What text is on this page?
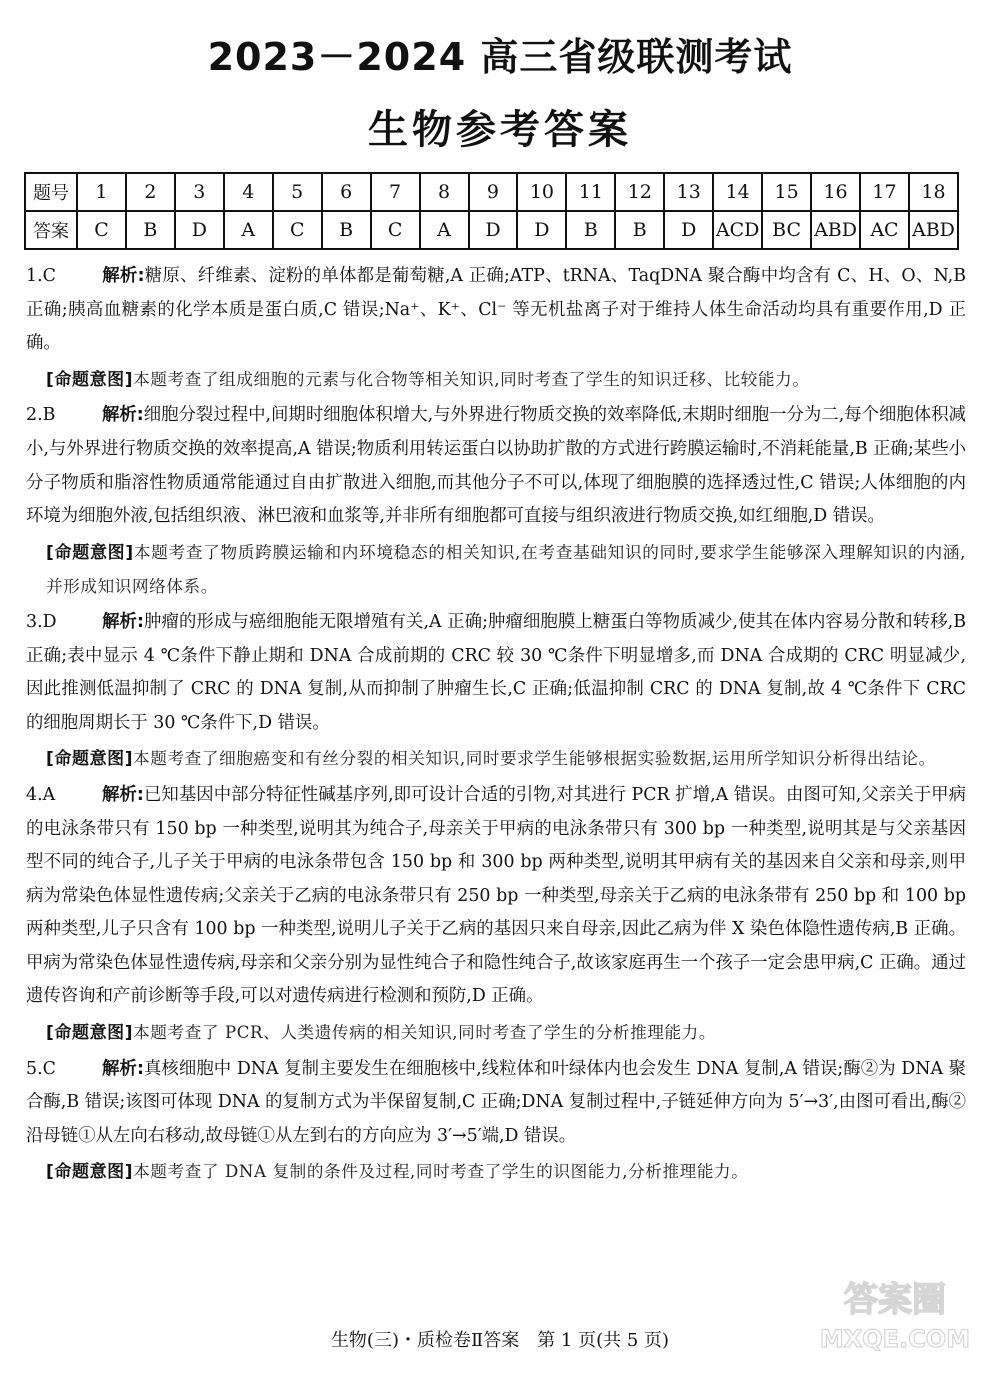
2023－2024 高三省级联测考试
生物参考答案
题号	1	2	3	4	5	6	7	8	9	10	11	12	13	14	15	16	17	18
答案	C	B	D	A	C	B	C	A	D	D	B	B	D	ACD	BC	ABD	AC	ABD

1.C	解析:糖原、纤维素、淀粉的单体都是葡萄糖,A 正确;ATP、tRNA、TaqDNA 聚合酶中均含有 C、H、O、N,B 正确;胰高血糖素的化学本质是蛋白质,C 错误;Na⁺、K⁺、Cl⁻ 等无机盐离子对于维持人体生命活动均具有重要作用,D 正确。

[命题意图]本题考查了组成细胞的元素与化合物等相关知识,同时考查了学生的知识迁移、比较能力。

2.B	解析:细胞分裂过程中,间期时细胞体积增大,与外界进行物质交换的效率降低,末期时细胞一分为二,每个细胞体积减小,与外界进行物质交换的效率提高,A 错误;物质利用转运蛋白以协助扩散的方式进行跨膜运输时,不消耗能量,B 正确;某些小分子物质和脂溶性物质通常能通过自由扩散进入细胞,而其他分子不可以,体现了细胞膜的选择透过性,C 错误;人体细胞的内环境为细胞外液,包括组织液、淋巴液和血浆等,并非所有细胞都可直接与组织液进行物质交换,如红细胞,D 错误。

[命题意图]本题考查了物质跨膜运输和内环境稳态的相关知识,在考查基础知识的同时,要求学生能够深入理解知识的内涵,并形成知识网络体系。

3.D	解析:肿瘤的形成与癌细胞能无限增殖有关,A 正确;肿瘤细胞膜上糖蛋白等物质减少,使其在体内容易分散和转移,B 正确;表中显示 4 ℃条件下静止期和 DNA 合成前期的 CRC 较 30 ℃条件下明显增多,而 DNA 合成期的 CRC 明显减少,因此推测低温抑制了 CRC 的 DNA 复制,从而抑制了肿瘤生长,C 正确;低温抑制 CRC 的 DNA 复制,故 4 ℃条件下 CRC 的细胞周期长于 30 ℃条件下,D 错误。

[命题意图]本题考查了细胞癌变和有丝分裂的相关知识,同时要求学生能够根据实验数据,运用所学知识分析得出结论。

4.A	解析:已知基因中部分特征性碱基序列,即可设计合适的引物,对其进行 PCR 扩增,A 错误。由图可知,父亲关于甲病的电泳条带只有 150 bp 一种类型,说明其为纯合子,母亲关于甲病的电泳条带只有 300 bp 一种类型,说明其是与父亲基因型不同的纯合子,儿子关于甲病的电泳条带包含 150 bp 和 300 bp 两种类型,说明其甲病有关的基因来自父亲和母亲,则甲病为常染色体显性遗传病;父亲关于乙病的电泳条带只有 250 bp 一种类型,母亲关于乙病的电泳条带有 250 bp 和 100 bp 两种类型,儿子只含有 100 bp 一种类型,说明儿子关于乙病的基因只来自母亲,因此乙病为伴 X 染色体隐性遗传病,B 正确。甲病为常染色体显性遗传病,母亲和父亲分别为显性纯合子和隐性纯合子,故该家庭再生一个孩子一定会患甲病,C 正确。通过遗传咨询和产前诊断等手段,可以对遗传病进行检测和预防,D 正确。

[命题意图]本题考查了 PCR、人类遗传病的相关知识,同时考查了学生的分析推理能力。

5.C	解析:真核细胞中 DNA 复制主要发生在细胞核中,线粒体和叶绿体内也会发生 DNA 复制,A 错误;酶②为 DNA 聚合酶,B 错误;该图可体现 DNA 的复制方式为半保留复制,C 正确;DNA 复制过程中,子链延伸方向为 5′→3′,由图可看出,酶②沿母链①从左向右移动,故母链①从左到右的方向应为 3′→5′端,D 错误。

[命题意图]本题考查了 DNA 复制的条件及过程,同时考查了学生的识图能力,分析推理能力。

生物(三)・质检卷Ⅱ答案　第 1 页(共 5 页)
答案圈
MXQE.COM
